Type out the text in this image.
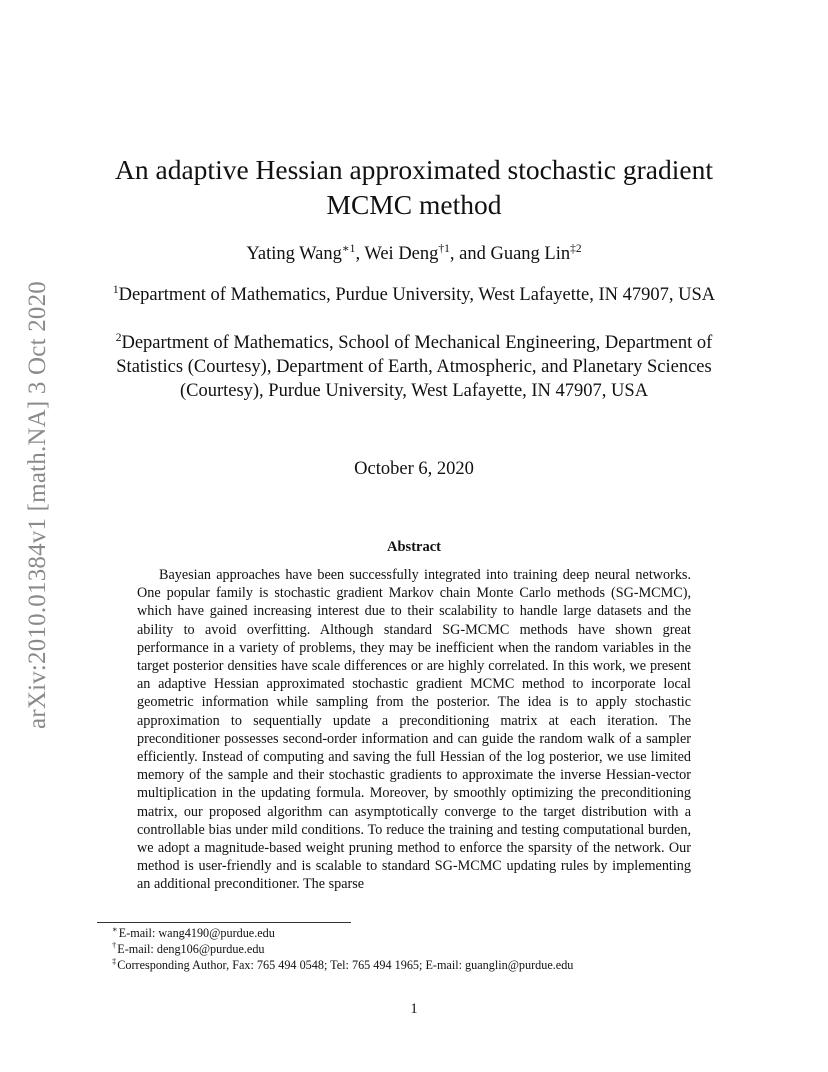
arXiv:2010.01384v1 [math.NA] 3 Oct 2020
An adaptive Hessian approximated stochastic gradient
MCMC method
Yating Wang$^{∗1}$, Wei Deng$^{\dagger 1}$, and Guang Lin$^{\ddagger 2}$
$^1$Department of Mathematics, Purdue University, West Lafayette, IN 47907, USA
$^2$Department of Mathematics, School of Mechanical Engineering, Department of Statistics (Courtesy), Department of Earth, Atmospheric, and Planetary Sciences (Courtesy), Purdue University, West Lafayette, IN 47907, USA
October 6, 2020
Abstract

Bayesian approaches have been successfully integrated into training deep neural networks. One popular family is stochastic gradient Markov chain Monte Carlo methods (SG-MCMC), which have gained increasing interest due to their scalability to handle large datasets and the ability to avoid overfitting. Although standard SG-MCMC methods have shown great performance in a variety of problems, they may be inefficient when the random variables in the target posterior densities have scale differences or are highly correlated. In this work, we present an adaptive Hessian approximated stochastic gradient MCMC method to incorporate local geometric information while sampling from the posterior. The idea is to apply stochastic approximation to sequentially update a preconditioning matrix at each iteration. The preconditioner possesses second-order information and can guide the random walk of a sampler efficiently. Instead of computing and saving the full Hessian of the log posterior, we use limited memory of the sample and their stochastic gradients to approximate the inverse Hessian-vector multiplication in the updating formula. Moreover, by smoothly optimizing the preconditioning matrix, our proposed algorithm can asymptotically converge to the target distribution with a controllable bias under mild conditions. To reduce the training and testing computational burden, we adopt a magnitude-based weight pruning method to enforce the sparsity of the network. Our method is user-friendly and is scalable to standard SG-MCMC updating rules by implementing an additional preconditioner. The sparse

∗E-mail: wang4190@purdue.edu
†E-mail: deng106@purdue.edu
‡Corresponding Author, Fax: 765 494 0548; Tel: 765 494 1965; E-mail: guanglin@purdue.edu
1
